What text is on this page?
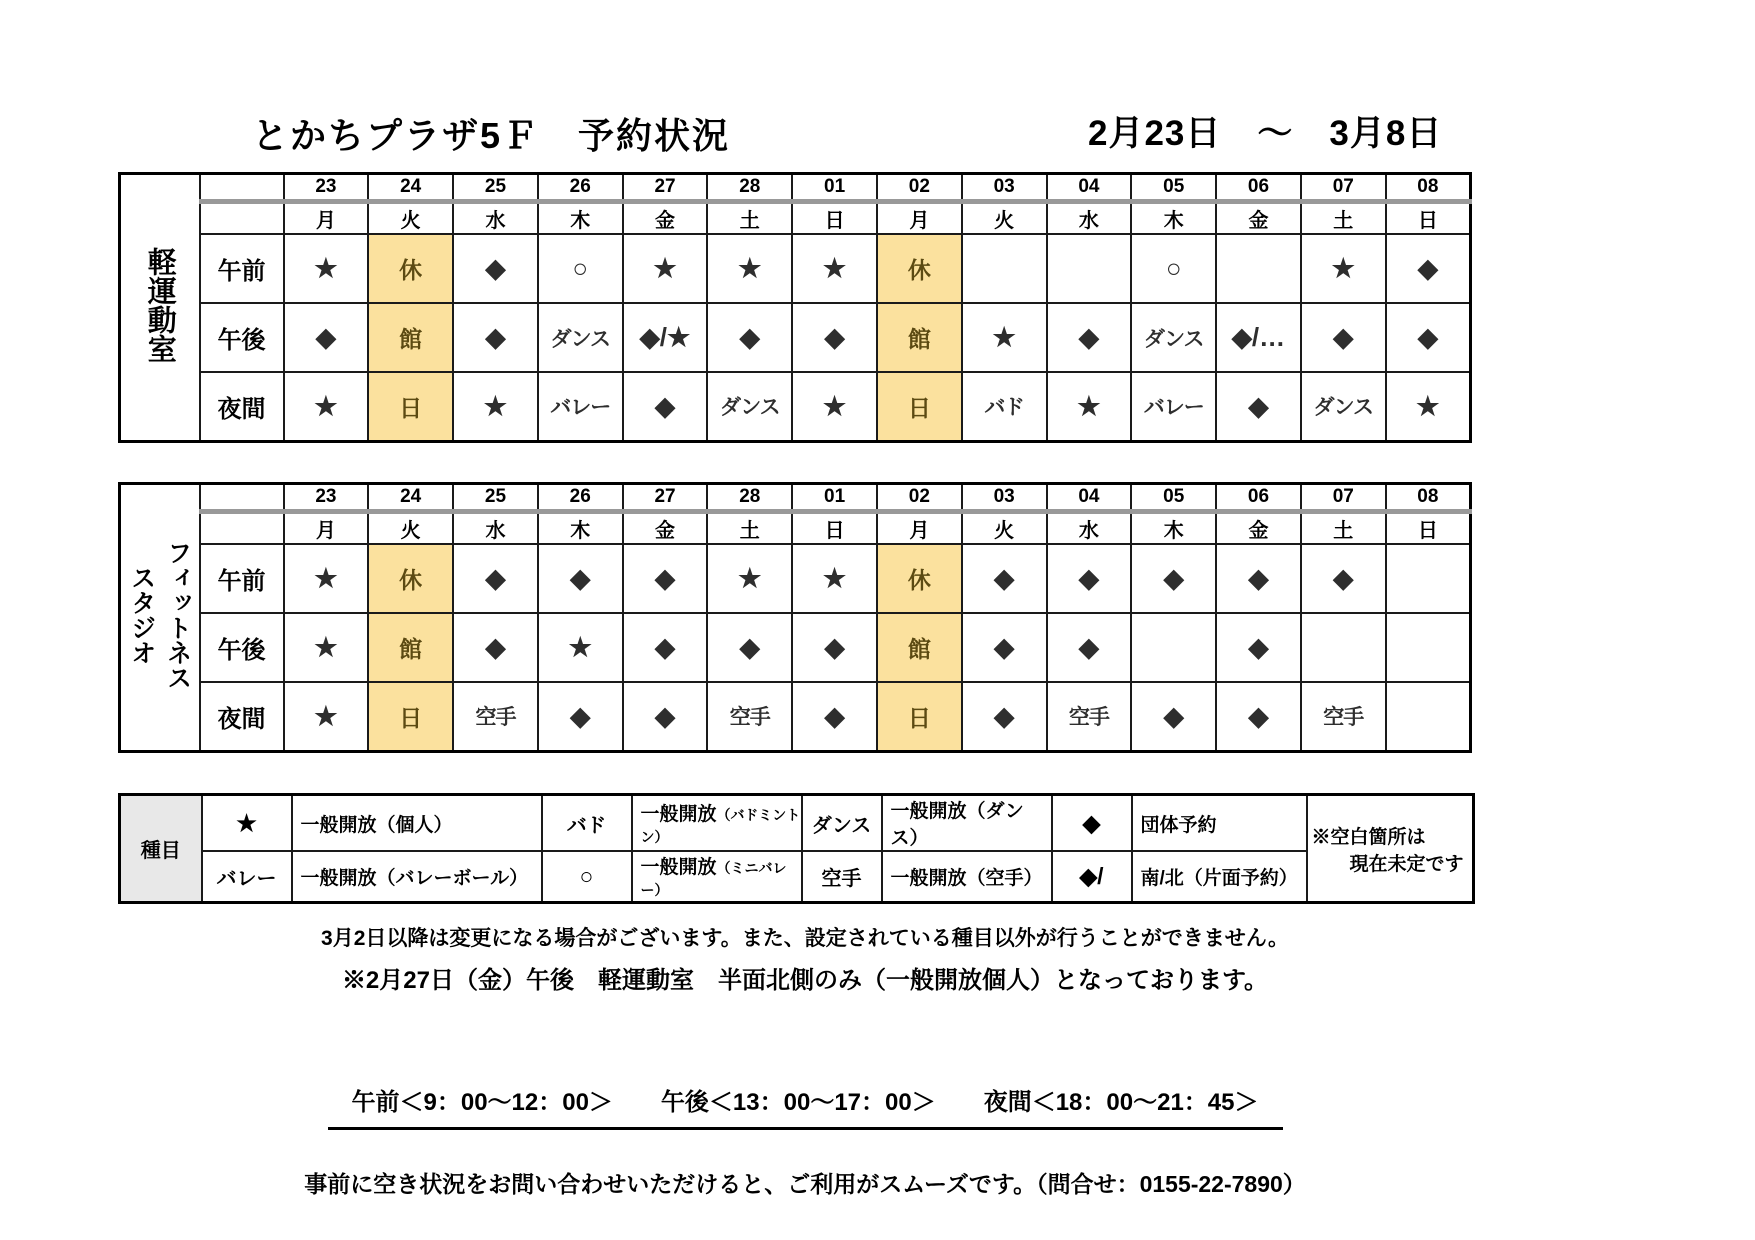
とかちプラザ5Ｆ　予約状況	2月23日　～　3月8日
軽運動室		23	24	25	26	27	28	01	02	03	04	05	06	07	08
		月	火	水	木	金	土	日	月	火	水	木	金	土	日
	午前	★	休	◆	○	★	★	★	休			○		★	◆
	午後	◆	館	◆	ダンス	◆/★	◆	◆	館	★	◆	ダンス	◆/…	◆	◆
	夜間	★	日	★	バレー	◆	ダンス	★	日	バド	★	バレー	◆	ダンス	★
フィットネス
スタジオ		23	24	25	26	27	28	01	02	03	04	05	06	07	08
		月	火	水	木	金	土	日	月	火	水	木	金	土	日
	午前	★	休	◆	◆	◆	★	★	休	◆	◆	◆	◆	◆	
	午後	★	館	◆	★	◆	◆	◆	館	◆	◆		◆		
	夜間	★	日	空手	◆	◆	空手	◆	日	◆	空手	◆	◆	空手	
種目	★	一般開放（個人）	バド	一般開放（バドミントン）	ダンス	一般開放（ダンス）	◆	団体予約	※空白箇所は
現在未定です

	バレー	一般開放（バレーボール）	○	一般開放（ミニバレー）	空手	一般開放（空手）	◆/	南/北（片面予約）	
3月2日以降は変更になる場合がございます。また、設定されている種目以外が行うことができません。
※2月27日（金）午後　軽運動室　半面北側のみ（一般開放個人）となっております。
午前＜9：00～12：00＞　　午後＜13：00～17：00＞　　夜間＜18：00～21：45＞
事前に空き状況をお問い合わせいただけると、ご利用がスムーズです。（問合せ：0155-22-7890）
